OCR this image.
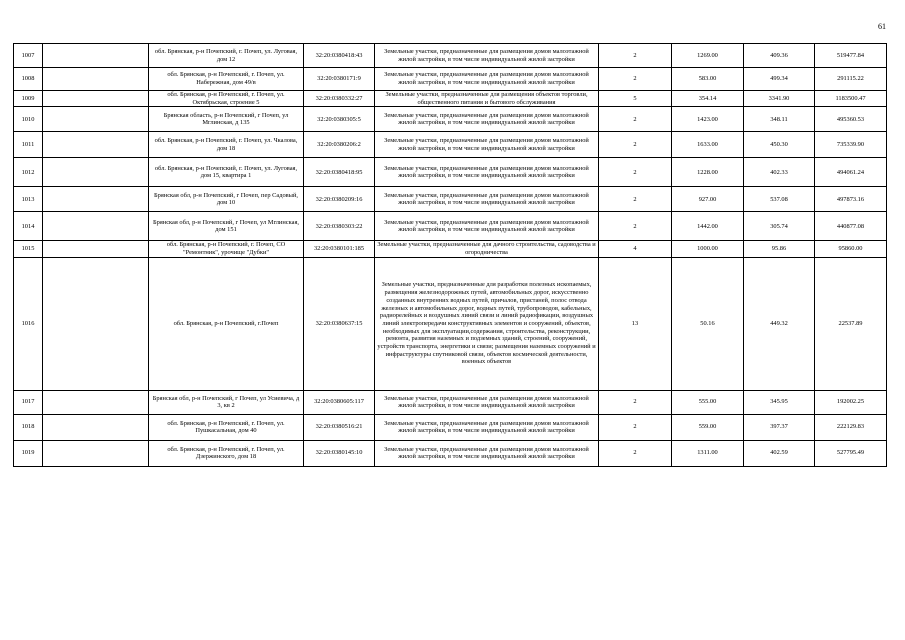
61
1007		обл. Брянская, р-н Почепский, г. Почеп, ул. Луговая, дом 12	32:20:0380418:43	Земельные участки, предназначенные для размещения домов малоэтажной жилой застройки, в том числе индивидуальной жилой застройки	2	1269.00	409.36	519477.84
1008		обл. Брянская, р-н Почепский, г. Почеп, ул. Набережная, дом 49/в	32:20:0380171:9	Земельные участки, предназначенные для размещения домов малоэтажной жилой застройки, в том числе индивидуальной жилой застройки	2	583.00	499.34	291115.22
1009		обл. Брянская, р-н Почепский, г. Почеп, ул. Октябрьская, строение 5	32:20:0380332:27	Земельные участки, предназначенные для размещения объектов торговли, общественного питания и бытового обслуживания	5	354.14	3341.90	1183500.47
1010		Брянская область, р-н Почепский, г Почеп, ул Мглинская, д 135	32:20:0380305:5	Земельные участки, предназначенные для размещения домов малоэтажной жилой застройки, в том числе индивидуальной жилой застройки	2	1423.00	348.11	495360.53
1011		обл. Брянская, р-н Почепский, г. Почеп, ул. Чкалова, дом 18	32:20:0380206:2	Земельные участки, предназначенные для размещения домов малоэтажной жилой застройки, в том числе индивидуальной жилой застройки	2	1633.00	450.30	735339.90
1012		обл. Брянская, р-н Почепский, г. Почеп, ул. Луговая, дом 15, квартира 1	32:20:0380418:95	Земельные участки, предназначенные для размещения домов малоэтажной жилой застройки, в том числе индивидуальной жилой застройки	2	1228.00	402.33	494061.24
1013		Брянская обл, р-н Почепский, г Почеп, пер Садовый, дом 10	32:20:0380209:16	Земельные участки, предназначенные для размещения домов малоэтажной жилой застройки, в том числе индивидуальной жилой застройки	2	927.00	537.08	497873.16
1014		Брянская обл, р-н Почепский, г Почеп, ул Мглинская, дом 151	32:20:0380303:22	Земельные участки, предназначенные для размещения домов малоэтажной жилой застройки, в том числе индивидуальной жилой застройки	2	1442.00	305.74	440877.08
1015		обл. Брянская, р-н Почепский, г. Почеп, СО "Ремонтник", урочище "Дубки"	32:20:0380101:185	Земельные участки, предназначенные для дачного строительства, садоводства и огородничества	4	1000.00	95.86	95860.00
1016		обл. Брянская, р-н Почепский, г.Почеп	32:20:0380637:15	Земельные участки, предназначенные для разработки полезных ископаемых, размещения железнодорожных путей, автомобильных дорог, искусственно созданных внутренних водных путей, причалов, пристаней, полос отвода железных и автомобильных дорог, водных путей, трубопроводов, кабельных, радиорелейных и воздушных линий связи и линий радиофикации, воздушных линий электропередачи конструктивных элементов и сооружений, объектов, необходимых для эксплуатации,содержания, строительства, реконструкции, ремонта, развития наземных и подземных зданий, строений, сооружений, устройств транспорта, энергетики и связи; размещения наземных сооружений и инфраструктуры спутниковой связи, объектов космической деятельности, военных объектов	13	50.16	449.32	22537.89
1017		Брянская обл, р-н Почепский, г Почеп, ул Усиевича, д 3, кв 2	32:20:0380605:117	Земельные участки, предназначенные для размещения домов малоэтажной жилой застройки, в том числе индивидуальной жилой застройки	2	555.00	345.95	192002.25
1018		обл. Брянская, р-н Почепский, г. Почеп, ул. Пушкасальная, дом 40	32:20:0380516:21	Земельные участки, предназначенные для размещения домов малоэтажной жилой застройки, в том числе индивидуальной жилой застройки	2	559.00	397.37	222129.83
1019		обл. Брянская, р-н Почепский, г. Почеп, ул. Дзержинского, дом 18	32:20:0380145:10	Земельные участки, предназначенные для размещения домов малоэтажной жилой застройки, в том числе индивидуальной жилой застройки	2	1311.00	402.59	527795.49
